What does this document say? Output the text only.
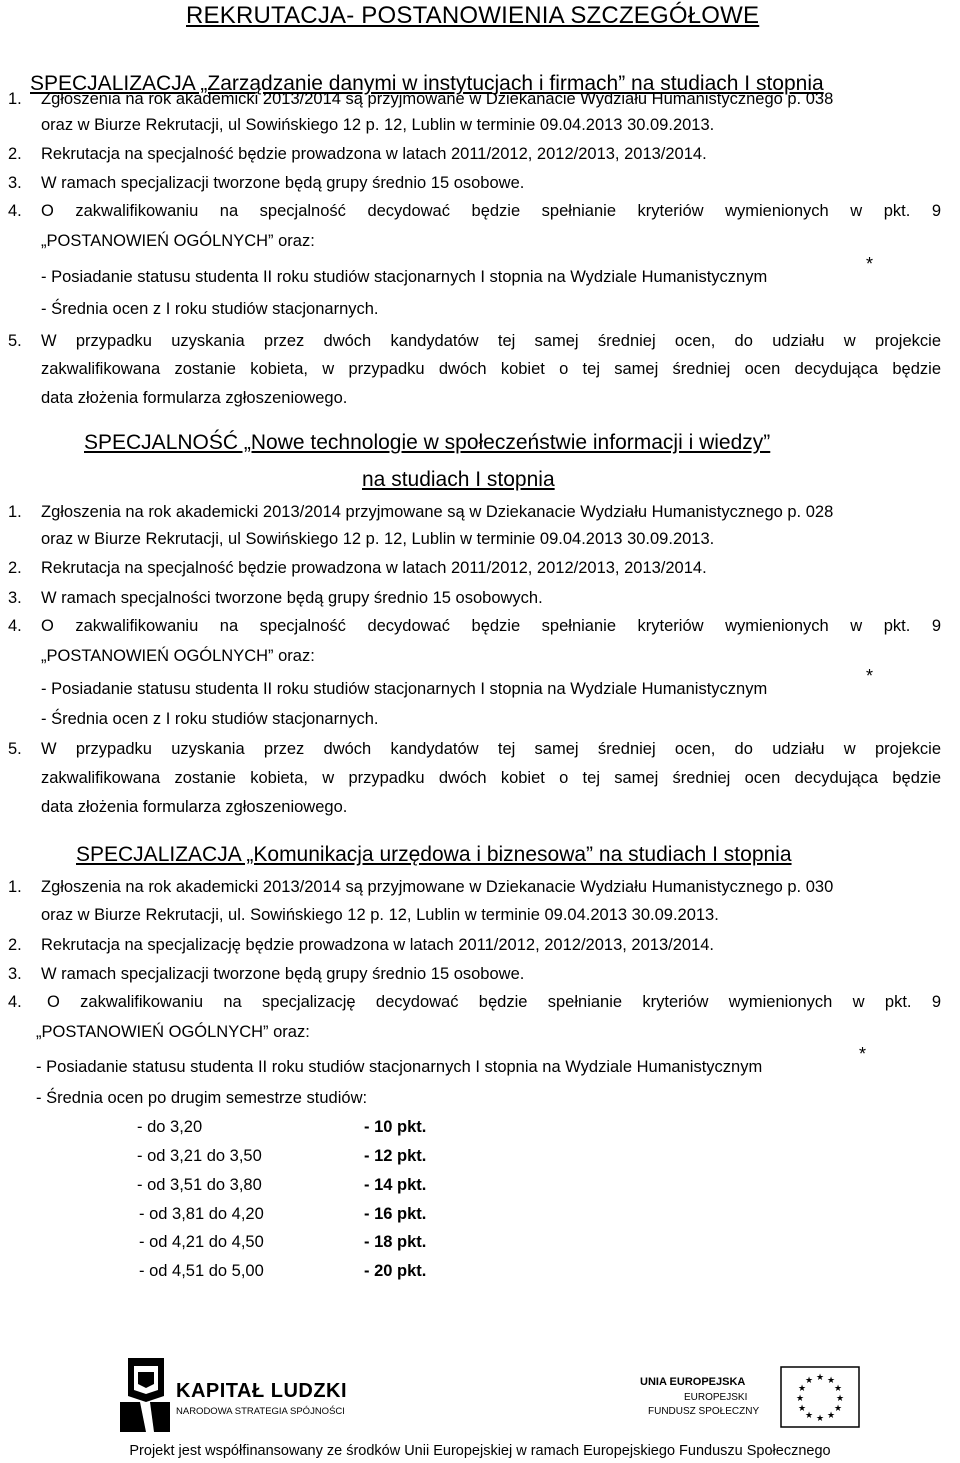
REKRUTACJA- POSTANOWIENIA SZCZEGÓŁOWE
SPECJALIZACJA „Zarządzanie danymi w instytucjach i firmach” na studiach I stopnia
1. Zgłoszenia na rok akademicki 2013/2014 są przyjmowane w Dziekanacie Wydziału Humanistycznego p. 038
oraz w Biurze Rekrutacji, ul Sowińskiego 12 p. 12, Lublin w terminie 09.04.2013 30.09.2013.
2. Rekrutacja na specjalność będzie prowadzona w latach 2011/2012, 2012/2013, 2013/2014.
3. W ramach specjalizacji tworzone będą grupy średnio 15 osobowe.
4. O zakwalifikowaniu na specjalność decydować będzie spełnianie kryteriów wymienionych w pkt. 9
„POSTANOWIEŃ OGÓLNYCH” oraz:
- Posiadanie statusu studenta II roku studiów stacjonarnych I stopnia na Wydziale Humanistycznym
*
- Średnia ocen z I roku studiów stacjonarnych.
5. W przypadku uzyskania przez dwóch kandydatów tej samej średniej ocen, do udziału w projekcie
zakwalifikowana zostanie kobieta, w przypadku dwóch kobiet o tej samej średniej ocen decydująca będzie
data złożenia formularza zgłoszeniowego.
SPECJALNOŚĆ „Nowe technologie w społeczeństwie informacji i wiedzy”
na studiach I stopnia
1. Zgłoszenia na rok akademicki 2013/2014 przyjmowane są w Dziekanacie Wydziału Humanistycznego p. 028
oraz w Biurze Rekrutacji, ul Sowińskiego 12 p. 12, Lublin w terminie 09.04.2013 30.09.2013.
2. Rekrutacja na specjalność będzie prowadzona w latach 2011/2012, 2012/2013, 2013/2014.
3. W ramach specjalności tworzone będą grupy średnio 15 osobowych.
4. O zakwalifikowaniu na specjalność decydować będzie spełnianie kryteriów wymienionych w pkt. 9
„POSTANOWIEŃ OGÓLNYCH” oraz:
- Posiadanie statusu studenta II roku studiów stacjonarnych I stopnia na Wydziale Humanistycznym
*
- Średnia ocen z I roku studiów stacjonarnych.
5. W przypadku uzyskania przez dwóch kandydatów tej samej średniej ocen, do udziału w projekcie
zakwalifikowana zostanie kobieta, w przypadku dwóch kobiet o tej samej średniej ocen decydująca będzie
data złożenia formularza zgłoszeniowego.
SPECJALIZACJA „Komunikacja urzędowa i biznesowa” na studiach I stopnia
1. Zgłoszenia na rok akademicki 2013/2014 są przyjmowane w Dziekanacie Wydziału Humanistycznego p. 030
oraz w Biurze Rekrutacji, ul. Sowińskiego 12 p. 12, Lublin w terminie 09.04.2013 30.09.2013.
2. Rekrutacja na specjalizację będzie prowadzona w latach 2011/2012, 2012/2013, 2013/2014.
3. W ramach specjalizacji tworzone będą grupy średnio 15 osobowe.
4. O zakwalifikowaniu na specjalizację decydować będzie spełnianie kryteriów wymienionych w pkt. 9
„POSTANOWIEŃ OGÓLNYCH” oraz:
- Posiadanie statusu studenta II roku studiów stacjonarnych I stopnia na Wydziale Humanistycznym
*
- Średnia ocen po drugim semestrze studiów:
- do 3,20	- 10 pkt.
- od 3,21 do 3,50	- 12 pkt.
- od 3,51 do 3,80	- 14 pkt.
- od 3,81 do 4,20	- 16 pkt.
- od 4,21 do 4,50	- 18 pkt.
- od 4,51 do 5,00	- 20 pkt.
KAPITAŁ LUDZKI
NARODOWA STRATEGIA SPÓJNOŚCI
UNIA EUROPEJSKA
EUROPEJSKI
FUNDUSZ SPOŁECZNY
★ ★
★
★
★
★
★
★
★
★
★
★
Projekt jest współfinansowany ze środków Unii Europejskiej w ramach Europejskiego Funduszu Społecznego
